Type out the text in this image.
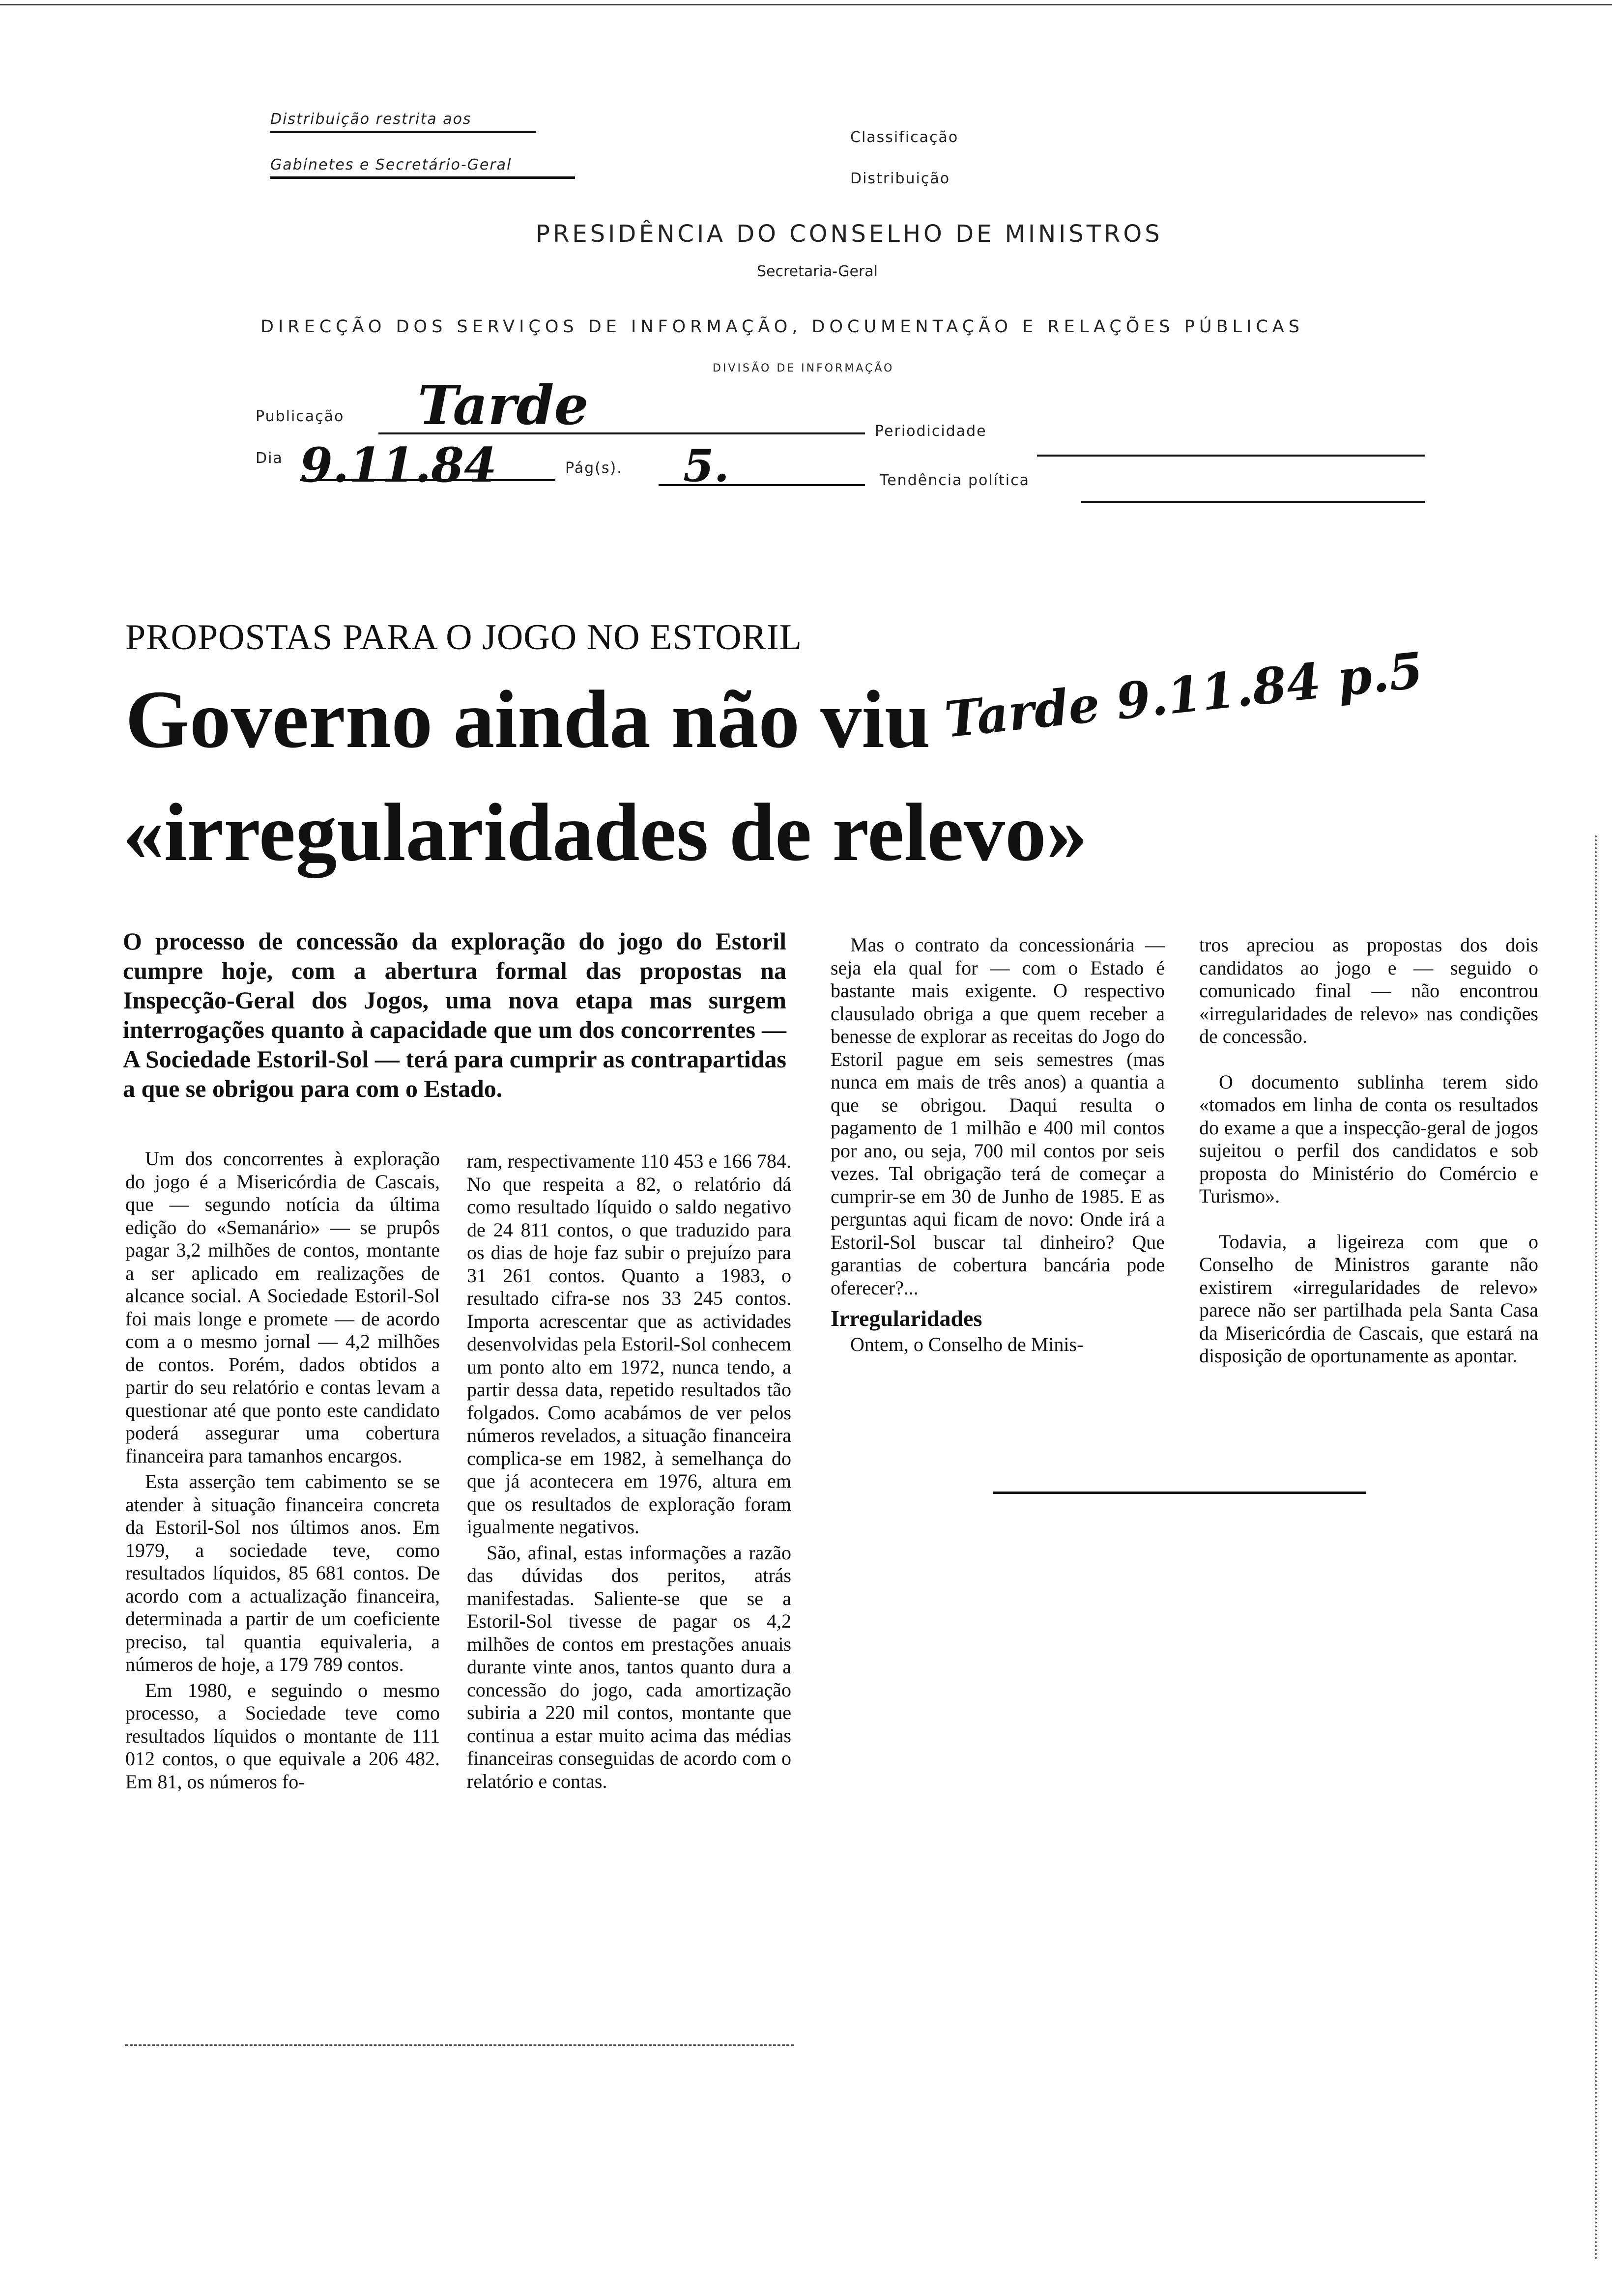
Distribuição restrita aos
Gabinetes e Secretário-Geral
Classificação
Distribuição
PRESIDÊNCIA DO CONSELHO DE MINISTROS
Secretaria-Geral
DIRECÇÃO DOS SERVIÇOS DE INFORMAÇÃO, DOCUMENTAÇÃO E RELAÇÕES PÚBLICAS
DIVISÃO DE INFORMAÇÃO
Publicação Tarde	Periodicidade
Dia 9.11.84	Pág(s). 5.	Tendência política
PROPOSTAS PARA O JOGO NO ESTORIL
Governo ainda não viu
«irregularidades de relevo»
Tarde 9.11.84 p.5
O processo de concessão da exploração do jogo do Estoril cumpre hoje, com a abertura formal das propostas na Inspecção-Geral dos Jogos, uma nova etapa mas surgem interrogações quanto à capacidade que um dos concorrentes — A Sociedade Estoril-Sol — terá para cumprir as contrapartidas a que se obrigou para com o Estado.

Um dos concorrentes à exploração do jogo é a Misericórdia de Cascais, que — segundo notícia da última edição do «Semanário» — se prupôs pagar 3,2 milhões de contos, montante a ser aplicado em realizações de alcance social. A Sociedade Estoril-Sol foi mais longe e promete — de acordo com a o mesmo jornal — 4,2 milhões de contos. Porém, dados obtidos a partir do seu relatório e contas levam a questionar até que ponto este candidato poderá assegurar uma cobertura financeira para tamanhos encargos.

Esta asserção tem cabimento se se atender à situação financeira concreta da Estoril-Sol nos últimos anos. Em 1979, a sociedade teve, como resultados líquidos, 85 681 contos. De acordo com a actualização financeira, determinada a partir de um coeficiente preciso, tal quantia equivaleria, a números de hoje, a 179 789 contos.

Em 1980, e seguindo o mesmo processo, a Sociedade teve como resultados líquidos o montante de 111 012 contos, o que equivale a 206 482. Em 81, os números fo-

ram, respectivamente 110 453 e 166 784. No que respeita a 82, o relatório dá como resultado líquido o saldo negativo de 24 811 contos, o que traduzido para os dias de hoje faz subir o prejuízo para 31 261 contos. Quanto a 1983, o resultado cifra-se nos 33 245 contos. Importa acrescentar que as actividades desenvolvidas pela Estoril-Sol conhecem um ponto alto em 1972, nunca tendo, a partir dessa data, repetido resultados tão folgados. Como acabámos de ver pelos números revelados, a situação financeira complica-se em 1982, à semelhança do que já acontecera em 1976, altura em que os resultados de exploração foram igualmente negativos.

São, afinal, estas informações a razão das dúvidas dos peritos, atrás manifestadas. Saliente-se que se a Estoril-Sol tivesse de pagar os 4,2 milhões de contos em prestações anuais durante vinte anos, tantos quanto dura a concessão do jogo, cada amortização subiria a 220 mil contos, montante que continua a estar muito acima das médias financeiras conseguidas de acordo com o relatório e contas.

Mas o contrato da concessionária — seja ela qual for — com o Estado é bastante mais exigente. O respectivo clausulado obriga a que quem receber a benesse de explorar as receitas do Jogo do Estoril pague em seis semestres (mas nunca em mais de três anos) a quantia a que se obrigou. Daqui resulta o pagamento de 1 milhão e 400 mil contos por ano, ou seja, 700 mil contos por seis vezes. Tal obrigação terá de começar a cumprir-se em 30 de Junho de 1985. E as perguntas aqui ficam de novo: Onde irá a Estoril-Sol buscar tal dinheiro? Que garantias de cobertura bancária pode oferecer?...

Irregularidades

Ontem, o Conselho de Minis-

tros apreciou as propostas dos dois candidatos ao jogo e — seguido o comunicado final — não encontrou «irregularidades de relevo» nas condições de concessão.

O documento sublinha terem sido «tomados em linha de conta os resultados do exame a que a inspecção-geral de jogos sujeitou o perfil dos candidatos e sob proposta do Ministério do Comércio e Turismo».

Todavia, a ligeireza com que o Conselho de Ministros garante não existirem «irregularidades de relevo» parece não ser partilhada pela Santa Casa da Misericórdia de Cascais, que estará na disposição de oportunamente as apontar.
